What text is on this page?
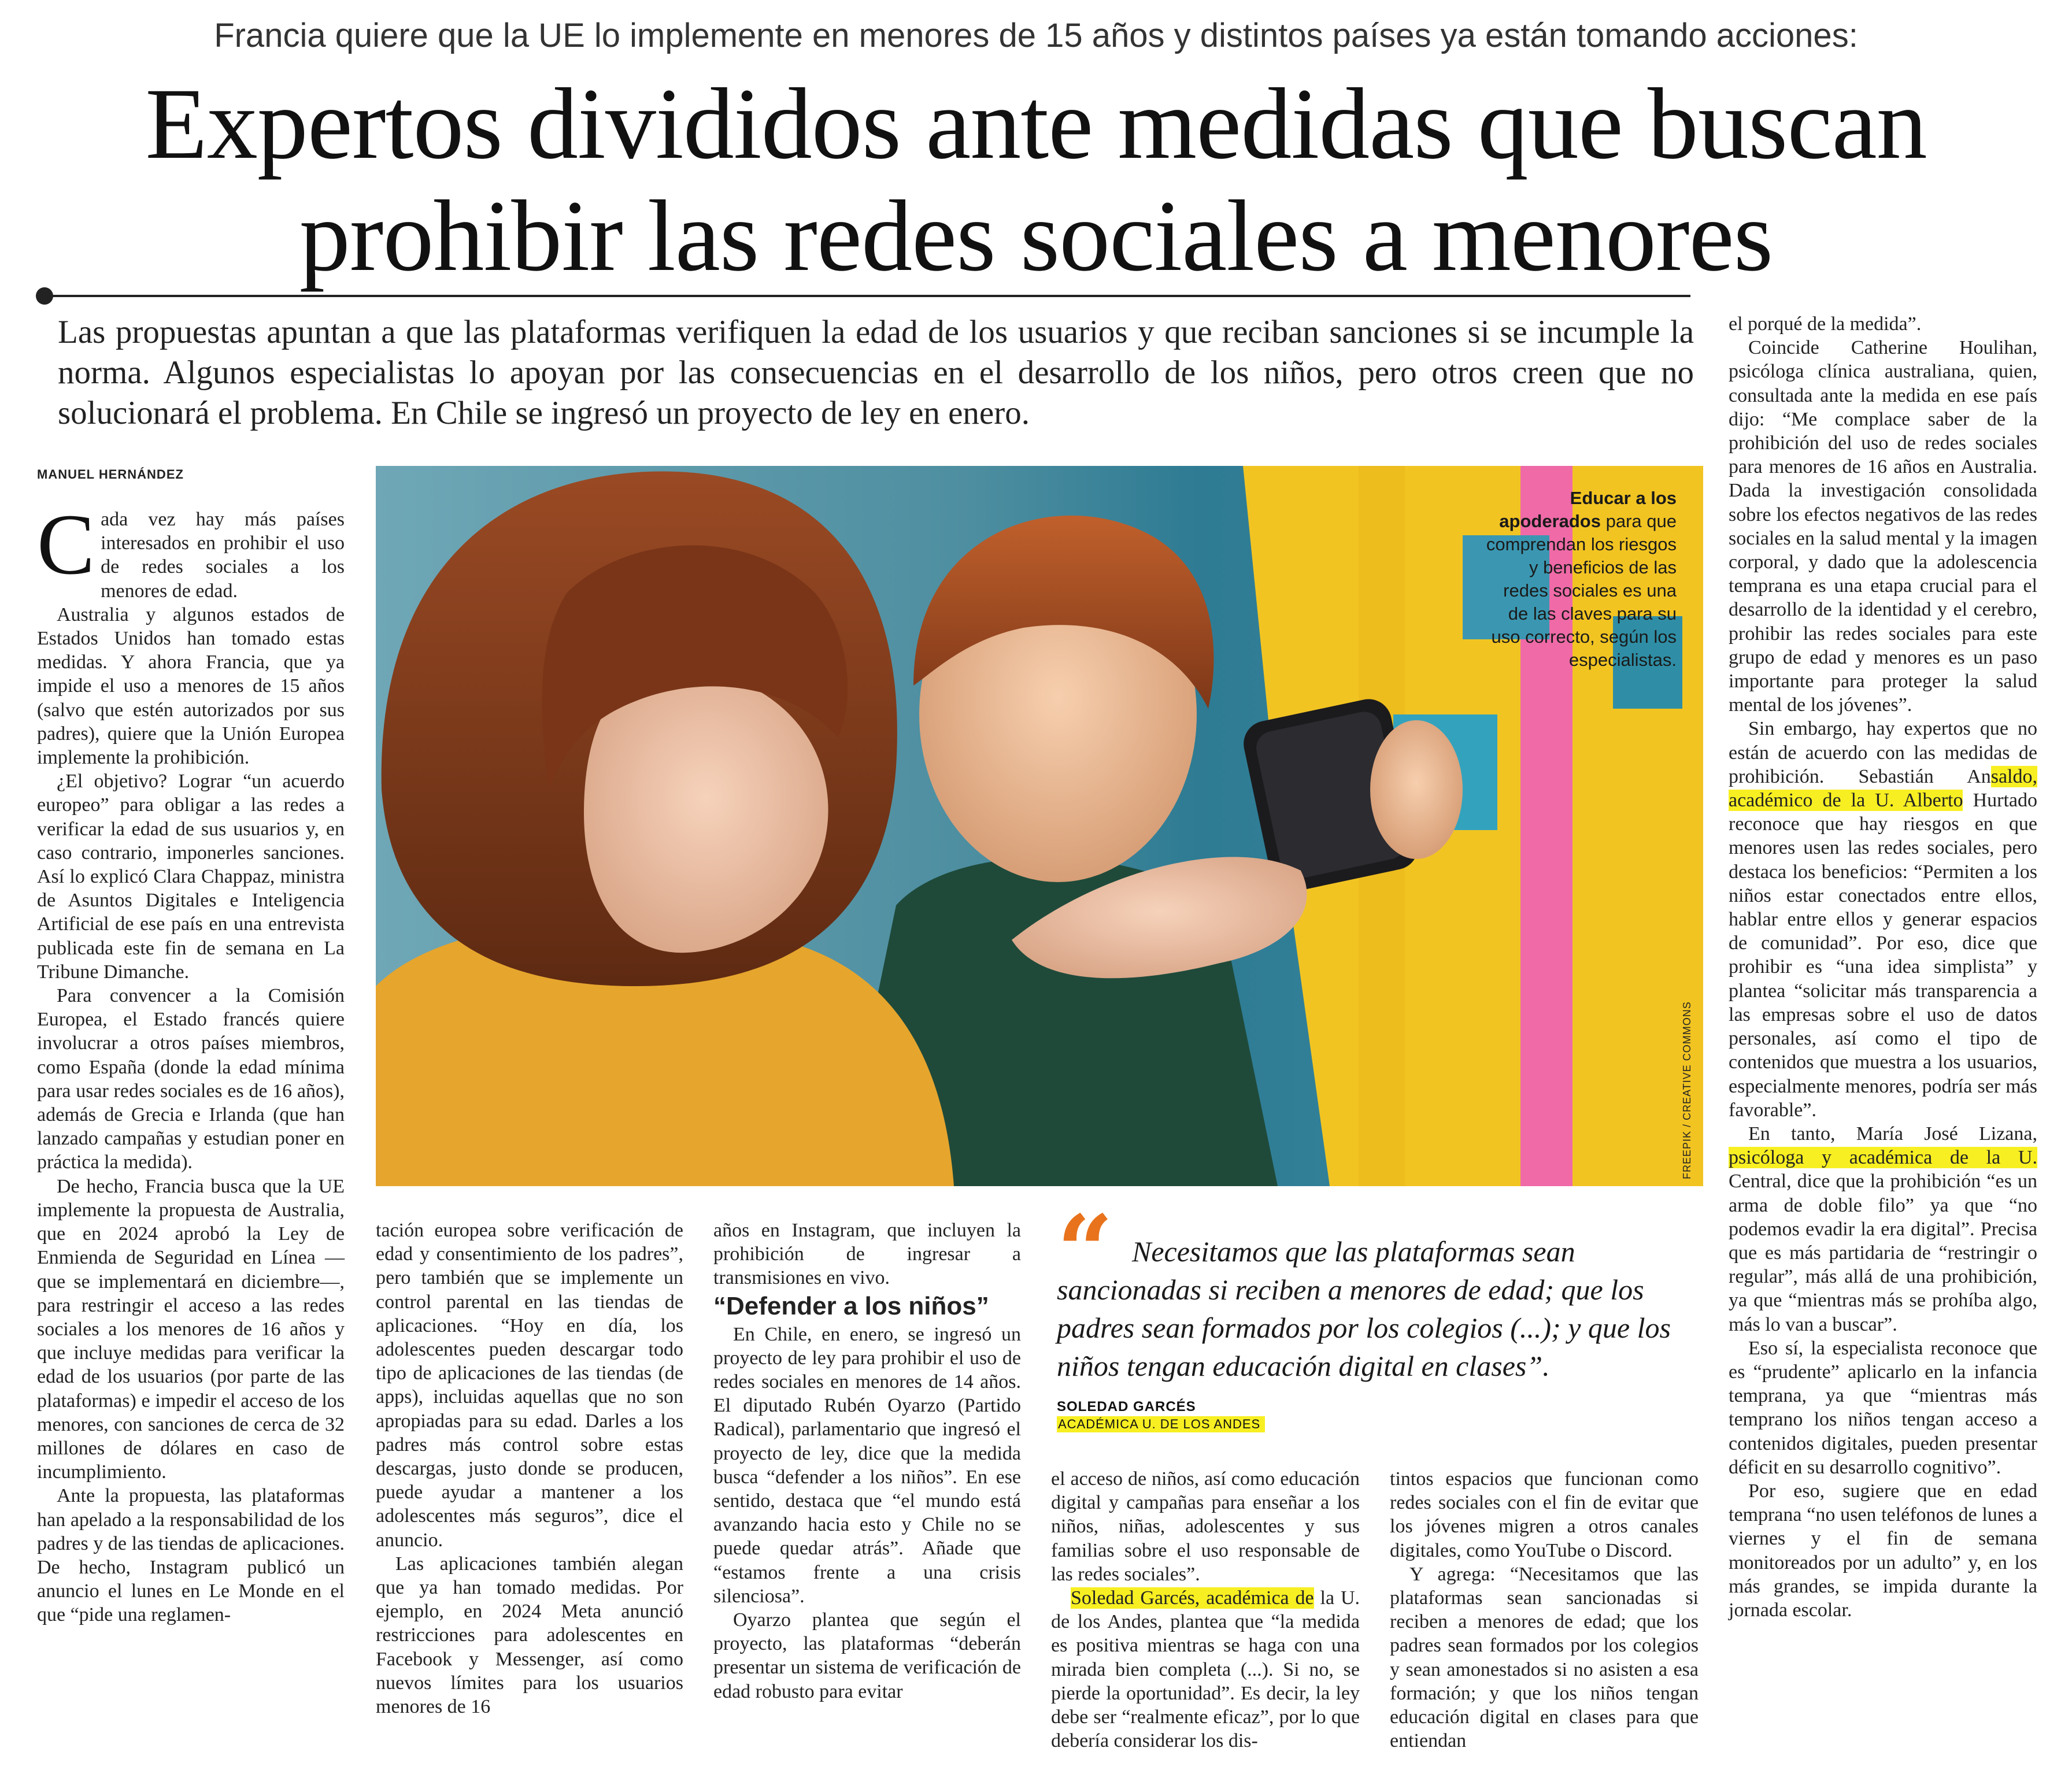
Francia quiere que la UE lo implemente en menores de 15 años y distintos países ya están tomando acciones:
Expertos divididos ante medidas que buscan
prohibir las redes sociales a menores
Las propuestas apuntan a que las plataformas verifiquen la edad de los usuarios y que reciban sanciones si se incumple la norma. Algunos especialistas lo apoyan por las consecuencias en el desarrollo de los niños, pero otros creen que no solucionará el problema. En Chile se ingresó un proyecto de ley en enero.
MANUEL HERNÁNDEZ
Educar a los apoderados para que comprendan los riesgos y beneficios de las redes sociales es una de las claves para su uso correcto, según los especialistas.
FREEPIK / CREATIVE COMMONS

Cada vez hay más países interesados en prohibir el uso de redes sociales a los menores de edad.

Australia y algunos estados de Estados Unidos han tomado estas medidas. Y ahora Francia, que ya impide el uso a menores de 15 años (salvo que estén autorizados por sus padres), quiere que la Unión Europea implemente la prohibición.

¿El objetivo? Lograr “un acuerdo europeo” para obligar a las redes a verificar la edad de sus usuarios y, en caso contrario, imponerles sanciones. Así lo explicó Clara Chappaz, ministra de Asuntos Digitales e Inteligencia Artificial de ese país en una entrevista publicada este fin de semana en La Tribune Dimanche.

Para convencer a la Comisión Europea, el Estado francés quiere involucrar a otros países miembros, como España (donde la edad mínima para usar redes sociales es de 16 años), además de Grecia e Irlanda (que han lanzado campañas y estudian poner en práctica la medida).

De hecho, Francia busca que la UE implemente la propuesta de Australia, que en 2024 aprobó la Ley de Enmienda de Seguridad en Línea —que se implementará en diciembre—, para restringir el acceso a las redes sociales a los menores de 16 años y que incluye medidas para verificar la edad de los usuarios (por parte de las plataformas) e impedir el acceso de los menores, con sanciones de cerca de 32 millones de dólares en caso de incumplimiento.

Ante la propuesta, las plataformas han apelado a la responsabilidad de los padres y de las tiendas de aplicaciones. De hecho, Instagram publicó un anuncio el lunes en Le Monde en el que “pide una reglamen-

tación europea sobre verificación de edad y consentimiento de los padres”, pero también que se implemente un control parental en las tiendas de aplicaciones. “Hoy en día, los adolescentes pueden descargar todo tipo de aplicaciones de las tiendas (de apps), incluidas aquellas que no son apropiadas para su edad. Darles a los padres más control sobre estas descargas, justo donde se producen, puede ayudar a mantener a los adolescentes más seguros”, dice el anuncio.

Las aplicaciones también alegan que ya han tomado medidas. Por ejemplo, en 2024 Meta anunció restricciones para adolescentes en Facebook y Messenger, así como nuevos límites para los usuarios menores de 16

años en Instagram, que incluyen la prohibición de ingresar a transmisiones en vivo.

“Defender a los niños”

En Chile, en enero, se ingresó un proyecto de ley para prohibir el uso de redes sociales en menores de 14 años. El diputado Rubén Oyarzo (Partido Radical), parlamentario que ingresó el proyecto de ley, dice que la medida busca “defender a los niños”. En ese sentido, destaca que “el mundo está avanzando hacia esto y Chile no se puede quedar atrás”. Añade que “estamos frente a una crisis silenciosa”.

Oyarzo plantea que según el proyecto, las plataformas “deberán presentar un sistema de verificación de edad robusto para evitar

“ Necesitamos que las plataformas sean sancionadas si reciben a menores de edad; que los padres sean formados por los colegios (...); y que los niños tengan educación digital en clases”.
SOLEDAD GARCÉS
ACADÉMICA U. DE LOS ANDES

el acceso de niños, así como educación digital y campañas para enseñar a los niños, niñas, adolescentes y sus familias sobre el uso responsable de las redes sociales”.

Soledad Garcés, académica de la U. de los Andes, plantea que “la medida es positiva mientras se haga con una mirada bien completa (...). Si no, se pierde la oportunidad”. Es decir, la ley debe ser “realmente eficaz”, por lo que debería considerar los dis-

tintos espacios que funcionan como redes sociales con el fin de evitar que los jóvenes migren a otros canales digitales, como YouTube o Discord.

Y agrega: “Necesitamos que las plataformas sean sancionadas si reciben a menores de edad; que los padres sean formados por los colegios y sean amonestados si no asisten a esa formación; y que los niños tengan educación digital en clases para que entiendan

el porqué de la medida”.

Coincide Catherine Houlihan, psicóloga clínica australiana, quien, consultada ante la medida en ese país dijo: “Me complace saber de la prohibición del uso de redes sociales para menores de 16 años en Australia. Dada la investigación consolidada sobre los efectos negativos de las redes sociales en la salud mental y la imagen corporal, y dado que la adolescencia temprana es una etapa crucial para el desarrollo de la identidad y el cerebro, prohibir las redes sociales para este grupo de edad y menores es un paso importante para proteger la salud mental de los jóvenes”.

Sin embargo, hay expertos que no están de acuerdo con las medidas de prohibición. Sebastián Ansaldo, académico de la U. Alberto Hurtado reconoce que hay riesgos en que menores usen las redes sociales, pero destaca los beneficios: “Permiten a los niños estar conectados entre ellos, hablar entre ellos y generar espacios de comunidad”. Por eso, dice que prohibir es “una idea simplista” y plantea “solicitar más transparencia a las empresas sobre el uso de datos personales, así como el tipo de contenidos que muestra a los usuarios, especialmente menores, podría ser más favorable”.

En tanto, María José Lizana, psicóloga y académica de la U. Central, dice que la prohibición “es un arma de doble filo” ya que “no podemos evadir la era digital”. Precisa que es más partidaria de “restringir o regular”, más allá de una prohibición, ya que “mientras más se prohíba algo, más lo van a buscar”.

Eso sí, la especialista reconoce que es “prudente” aplicarlo en la infancia temprana, ya que “mientras más temprano los niños tengan acceso a contenidos digitales, pueden presentar déficit en su desarrollo cognitivo”.

Por eso, sugiere que en edad temprana “no usen teléfonos de lunes a viernes y el fin de semana monitoreados por un adulto” y, en los más grandes, se impida durante la jornada escolar.
